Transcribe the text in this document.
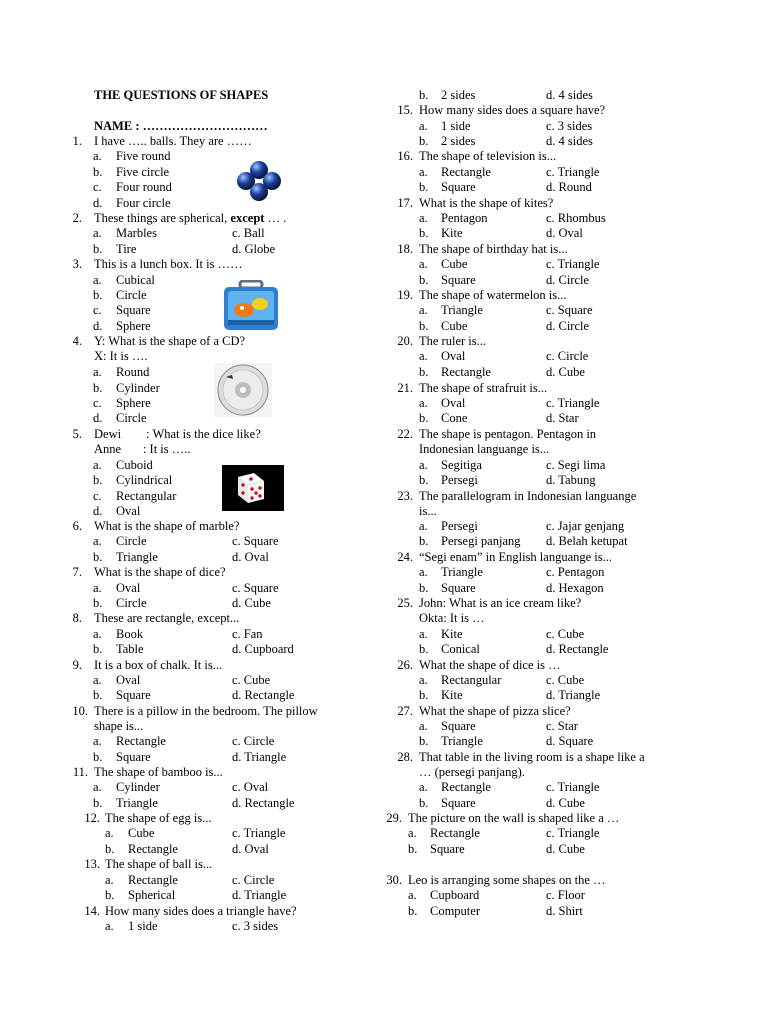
THE QUESTIONS OF SHAPES
NAME : …………………………
1. I have ….. balls. They are ……
a. Five round
b. Five circle
c. Four round
d. Four circle
2. These things are spherical, except … .
a. Marbles	c. Ball
b. Tire	d. Globe
3. This is a lunch box. It is ……
a. Cubical
b. Circle
c. Square
d. Sphere
4. Y: What is the shape of a CD?
X: It is ….
a. Round
b. Cylinder
c. Sphere
d. Circle
5. Dewi        : What is the dice like?
Anne       : It is …..
a. Cuboid
b. Cylindrical
c. Rectangular
d. Oval
6. What is the shape of marble?
a. Circle	c. Square
b. Triangle	d. Oval
7. What is the shape of dice?
a. Oval	c. Square
b. Circle	d. Cube
8. These are rectangle, except...
a. Book	c. Fan
b. Table	d. Cupboard
9. It is a box of chalk. It is...
a. Oval	c. Cube
b. Square	d. Rectangle
10. There is a pillow in the bedroom. The pillow
shape is...
a. Rectangle	c. Circle
b. Square	d. Triangle
11. The shape of bamboo is...
a. Cylinder	c. Oval
b. Triangle	d. Rectangle
12. The shape of egg is...
a. Cube	c. Triangle
b. Rectangle	d. Oval
13. The shape of ball is...
a. Rectangle	c. Circle
b. Spherical	d. Triangle
14. How many sides does a triangle have?
a. 1 side	c. 3 sides
b. 2 sides	d. 4 sides
15. How many sides does a square have?
a. 1 side	c. 3 sides
b. 2 sides	d. 4 sides
16. The shape of television is...
a. Rectangle	c. Triangle
b. Square	d. Round
17. What is the shape of kites?
a. Pentagon	c. Rhombus
b. Kite	d. Oval
18. The shape of birthday hat is...
a. Cube	c. Triangle
b. Square	d. Circle
19. The shape of watermelon is...
a. Triangle	c. Square
b. Cube	d. Circle
20. The ruler is...
a. Oval	c. Circle
b. Rectangle	d. Cube
21. The shape of strafruit is...
a. Oval	c. Triangle
b. Cone	d. Star
22. The shape is pentagon. Pentagon in
Indonesian languange is...
a. Segitiga	c. Segi lima
b. Persegi	d. Tabung
23. The parallelogram in Indonesian languange
is...
a. Persegi	c. Jajar genjang
b. Persegi panjang d. Belah ketupat
24. “Segi enam” in English languange is...
a. Triangle	c. Pentagon
b. Square	d. Hexagon
25. John: What is an ice cream like?
Okta: It is …
a. Kite	c. Cube
b. Conical	d. Rectangle
26. What the shape of dice is …
a. Rectangular	c. Cube
b. Kite	d. Triangle
27. What the shape of pizza slice?
a. Square	c. Star
b. Triangle	d. Square
28. That table in the living room is a shape like a
… (persegi panjang).
a. Rectangle	c. Triangle
b. Square	d. Cube
29. The picture on the wall is shaped like a …
a. Rectangle	c. Triangle
b. Square	d. Cube
30. Leo is arranging some shapes on the …
a. Cupboard	c. Floor
b. Computer	d. Shirt
